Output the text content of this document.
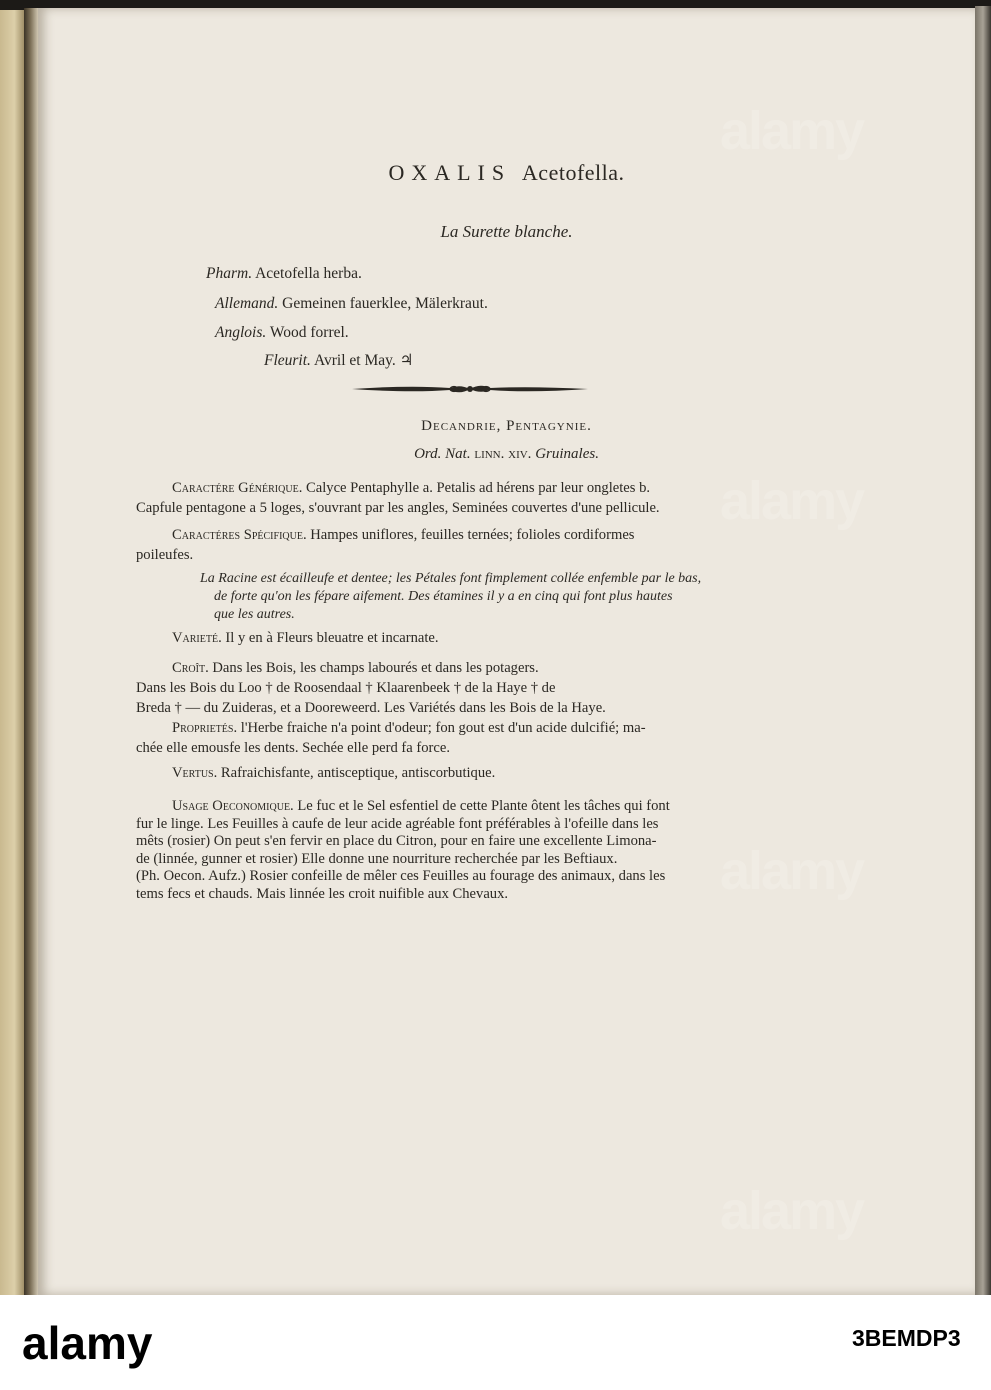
OXALIS Acetofella.
La Surette blanche.
Pharm. Acetofella herba.
Allemand. Gemeinen fauerklee, Mälerkraut.
Anglois. Wood forrel.
Fleurit. Avril et May. ♃
Decandrie, Pentagynie.
Ord. Nat. linn. xiv. Gruinales.
Caractére Générique. Calyce Pentaphylle a. Petalis ad hérens par leur ongletes b.
Capfule pentagone a 5 loges, s'ouvrant par les angles, Seminées couvertes d'une pellicule.
Caractéres Spécifique. Hampes uniflores, feuilles ternées; folioles cordiformes
poileufes.
La Racine est écailleufe et dentee; les Pétales font fimplement collée enfemble par le bas,
de forte qu'on les fépare aifement. Des étamines il y a en cinq qui font plus hautes
que les autres.
Varieté. Il y en à Fleurs bleuatre et incarnate.
Croît. Dans les Bois, les champs labourés et dans les potagers.
Dans les Bois du Loo † de Roosendaal † Klaarenbeek † de la Haye † de
Breda † — du Zuideras, et a Dooreweerd. Les Variétés dans les Bois de la Haye.
Proprietés. l'Herbe fraiche n'a point d'odeur; fon gout est d'un acide dulcifié; ma-
chée elle emousfe les dents. Sechée elle perd fa force.
Vertus. Rafraichisfante, antisceptique, antiscorbutique.
Usage Oeconomique. Le fuc et le Sel esfentiel de cette Plante ôtent les tâches qui font
fur le linge. Les Feuilles à caufe de leur acide agréable font préférables à l'ofeille dans les
mêts (rosier) On peut s'en fervir en place du Citron, pour en faire une excellente Limona-
de (linnée, gunner et rosier) Elle donne une nourriture recherchée par les Beftiaux.
(Ph. Oecon. Aufz.) Rosier confeille de mêler ces Feuilles au fourage des animaux, dans les
tems fecs et chauds. Mais linnée les croit nuifible aux Chevaux.
alamy	3BEMDP3
